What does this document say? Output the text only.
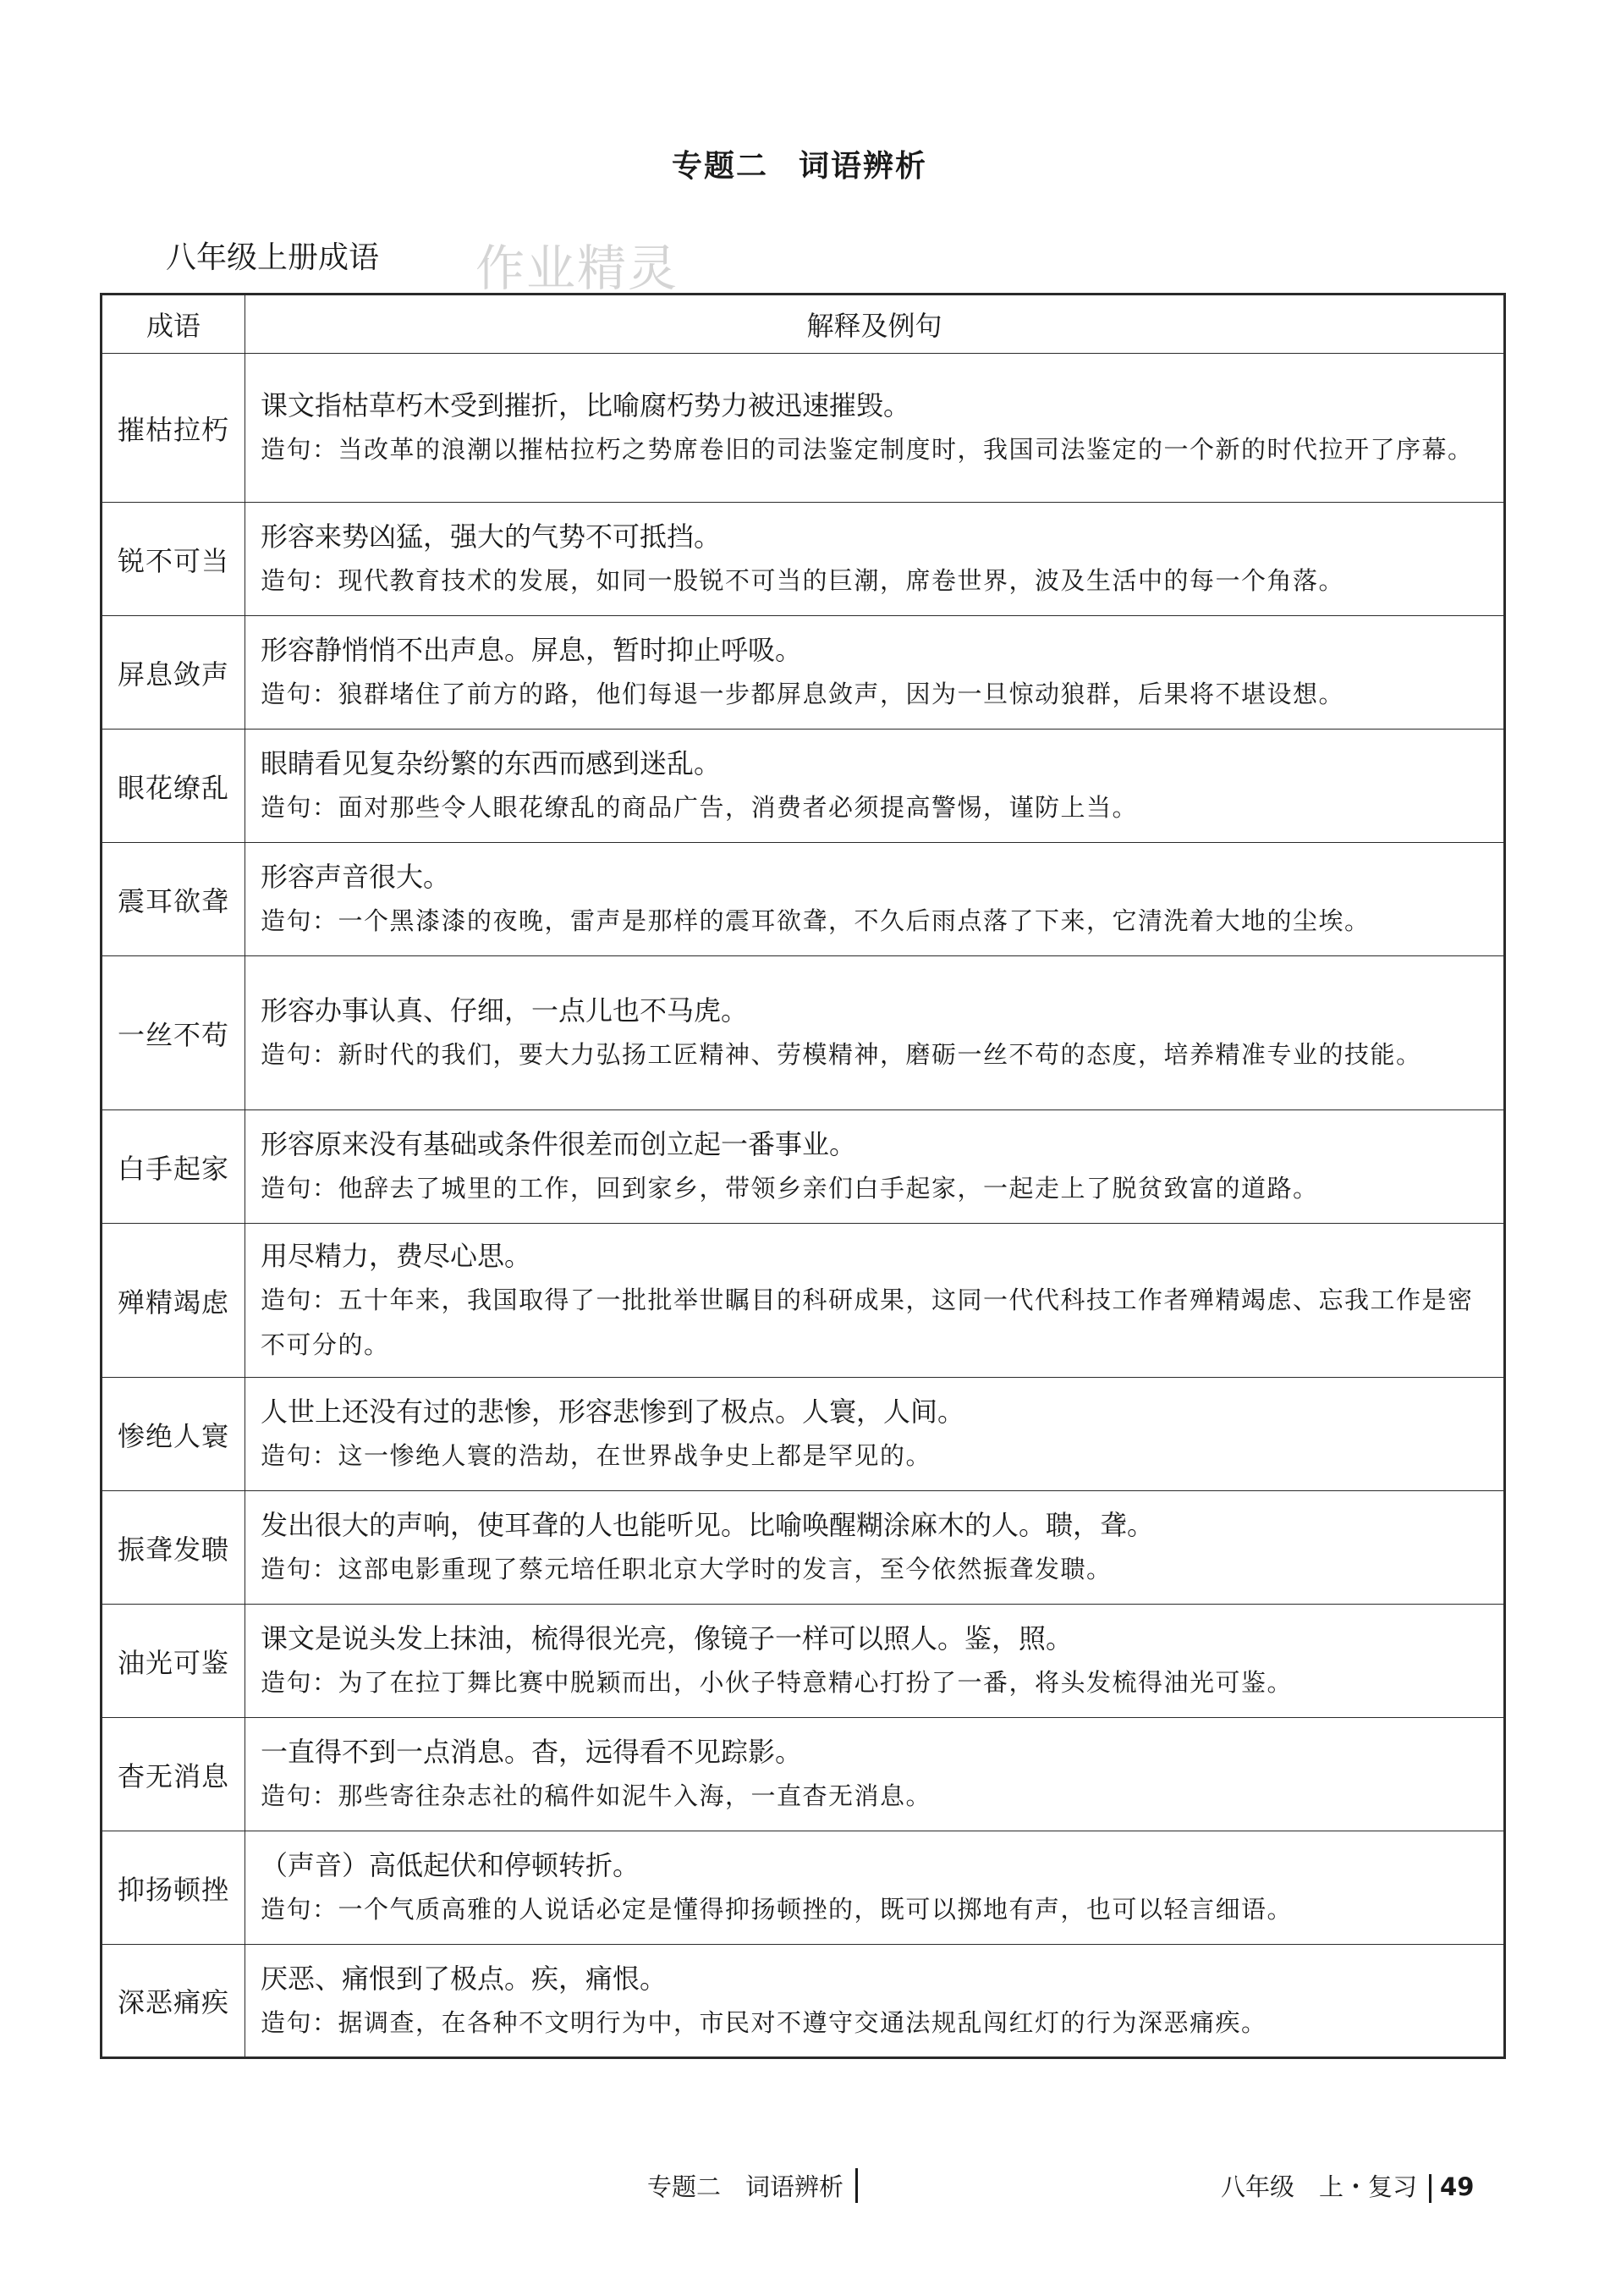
专题二 词语辨析
八年级上册成语 作业精灵
成语	解释及例句
摧枯拉朽	课文指枯草朽木受到摧折，比喻腐朽势力被迅速摧毁。
造句：当改革的浪潮以摧枯拉朽之势席卷旧的司法鉴定制度时，我国司法鉴定的一个新的时代拉开了序幕。

锐不可当	形容来势凶猛，强大的气势不可抵挡。
造句：现代教育技术的发展，如同一股锐不可当的巨潮，席卷世界，波及生活中的每一个角落。

屏息敛声	形容静悄悄不出声息。屏息，暂时抑止呼吸。
造句：狼群堵住了前方的路，他们每退一步都屏息敛声，因为一旦惊动狼群，后果将不堪设想。

眼花缭乱	眼睛看见复杂纷繁的东西而感到迷乱。
造句：面对那些令人眼花缭乱的商品广告，消费者必须提高警惕，谨防上当。

震耳欲聋	形容声音很大。
造句：一个黑漆漆的夜晚，雷声是那样的震耳欲聋，不久后雨点落了下来，它清洗着大地的尘埃。

一丝不苟	形容办事认真、仔细，一点儿也不马虎。
造句：新时代的我们，要大力弘扬工匠精神、劳模精神，磨砺一丝不苟的态度，培养精准专业的技能。

白手起家	形容原来没有基础或条件很差而创立起一番事业。
造句：他辞去了城里的工作，回到家乡，带领乡亲们白手起家，一起走上了脱贫致富的道路。

殚精竭虑	用尽精力，费尽心思。
造句：五十年来，我国取得了一批批举世瞩目的科研成果，这同一代代科技工作者殚精竭虑、忘我工作是密不可分的。

惨绝人寰	人世上还没有过的悲惨，形容悲惨到了极点。人寰，人间。
造句：这一惨绝人寰的浩劫，在世界战争史上都是罕见的。

振聋发聩	发出很大的声响，使耳聋的人也能听见。比喻唤醒糊涂麻木的人。聩，聋。
造句：这部电影重现了蔡元培任职北京大学时的发言，至今依然振聋发聩。

油光可鉴	课文是说头发上抹油，梳得很光亮，像镜子一样可以照人。鉴，照。
造句：为了在拉丁舞比赛中脱颖而出，小伙子特意精心打扮了一番，将头发梳得油光可鉴。

杳无消息	一直得不到一点消息。杳，远得看不见踪影。
造句：那些寄往杂志社的稿件如泥牛入海，一直杳无消息。

抑扬顿挫	（声音）高低起伏和停顿转折。
造句：一个气质高雅的人说话必定是懂得抑扬顿挫的，既可以掷地有声，也可以轻言细语。

深恶痛疾	厌恶、痛恨到了极点。疾，痛恨。
造句：据调查，在各种不文明行为中，市民对不遵守交通法规乱闯红灯的行为深恶痛疾。
专题二　词语辨析	八年级　上・复习 49
